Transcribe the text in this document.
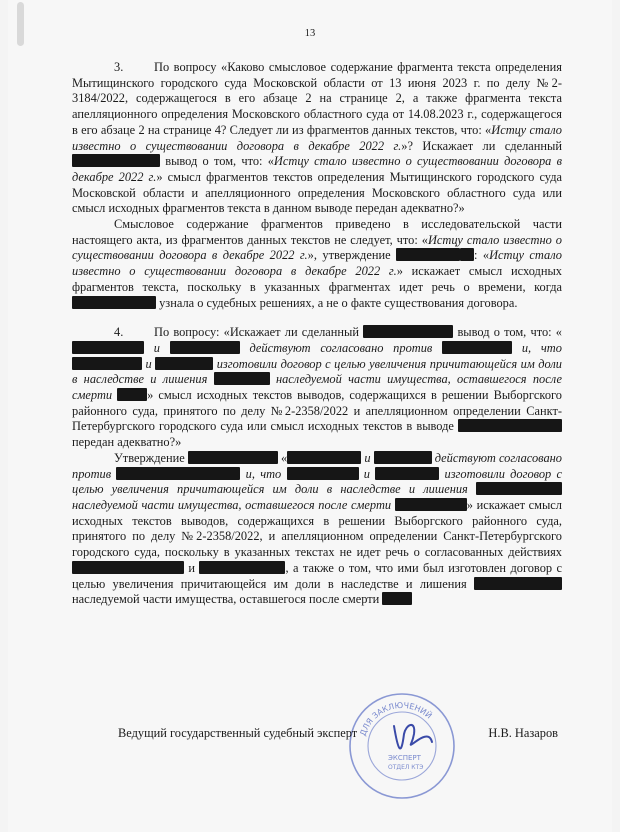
13

3. По вопросу «Каково смысловое содержание фрагмента текста определения Мытищинского городского суда Московской области от 13 июня 2023 г. по делу №2-3184/2022, содержащегося в его абзаце 2 на странице 2, а также фрагмента текста апелляционного определения Московского областного суда от 14.08.2023 г., содержащегося в его абзаце 2 на странице 4? Следует ли из фрагментов данных текстов, что: «Истцу стало известно о существовании договора в декабре 2022 г.»? Искажает ли сделанный  вывод о том, что: «Истцу стало известно о существовании договора в декабре 2022 г.» смысл фрагментов текстов определения Мытищинского городского суда Московской области и апелляционного определения Московского областного суда или смысл исходных фрагментов текста в данном выводе передан адекватно?»

Смысловое содержание фрагментов приведено в исследовательской части настоящего акта, из фрагментов данных текстов не следует, что: «Истцу стало известно о существовании договора в декабре 2022 г.», утверждение	: «Истцу стало известно о существовании договора в декабре 2022 г.» искажает смысл исходных фрагментов текста, поскольку в указанных фрагментах идет речь о времени, когда  узнала о судебных решениях, а не о факте существования договора.

4. По вопросу: «Искажает ли сделанный	вывод о том, что: « и	действуют согласовано против	и, что  и	изготовили договор с целью увеличения причитающейся им доли в наследстве и лишения	наследуемой части имущества, оставшегося после смерти	» смысл исходных текстов выводов, содержащихся в решении Выборгского районного суда, принятого по делу №2-2358/2022 и апелляционном определении Санкт-Петербургского городского суда или смысл исходных текстов в выводе передан адекватно?»

Утверждение	«	и	действуют согласовано против	и, что	и	изготовили договор с целью увеличения причитающейся им доли в наследстве и лишения  наследуемой части имущества, оставшегося после смерти	» искажает смысл исходных текстов выводов, содержащихся в решении Выборгского районного суда, принятого по делу №2-2358/2022, и апелляционном определении Санкт-Петербургского городского суда, поскольку в указанных текстах не идет речь о согласованных действиях  и	, а также о том, что ими был изготовлен договор с целью увеличения причитающейся им доли в наследстве и лишения  наследуемой части имущества, оставшегося после смерти

ДЛЯ ЗАКЛЮЧЕНИЙ
ЭКСПЕРТ
ОТДЕЛ КТЭ
Ведущий государственный судебный эксперт	Н.В. Назаров
